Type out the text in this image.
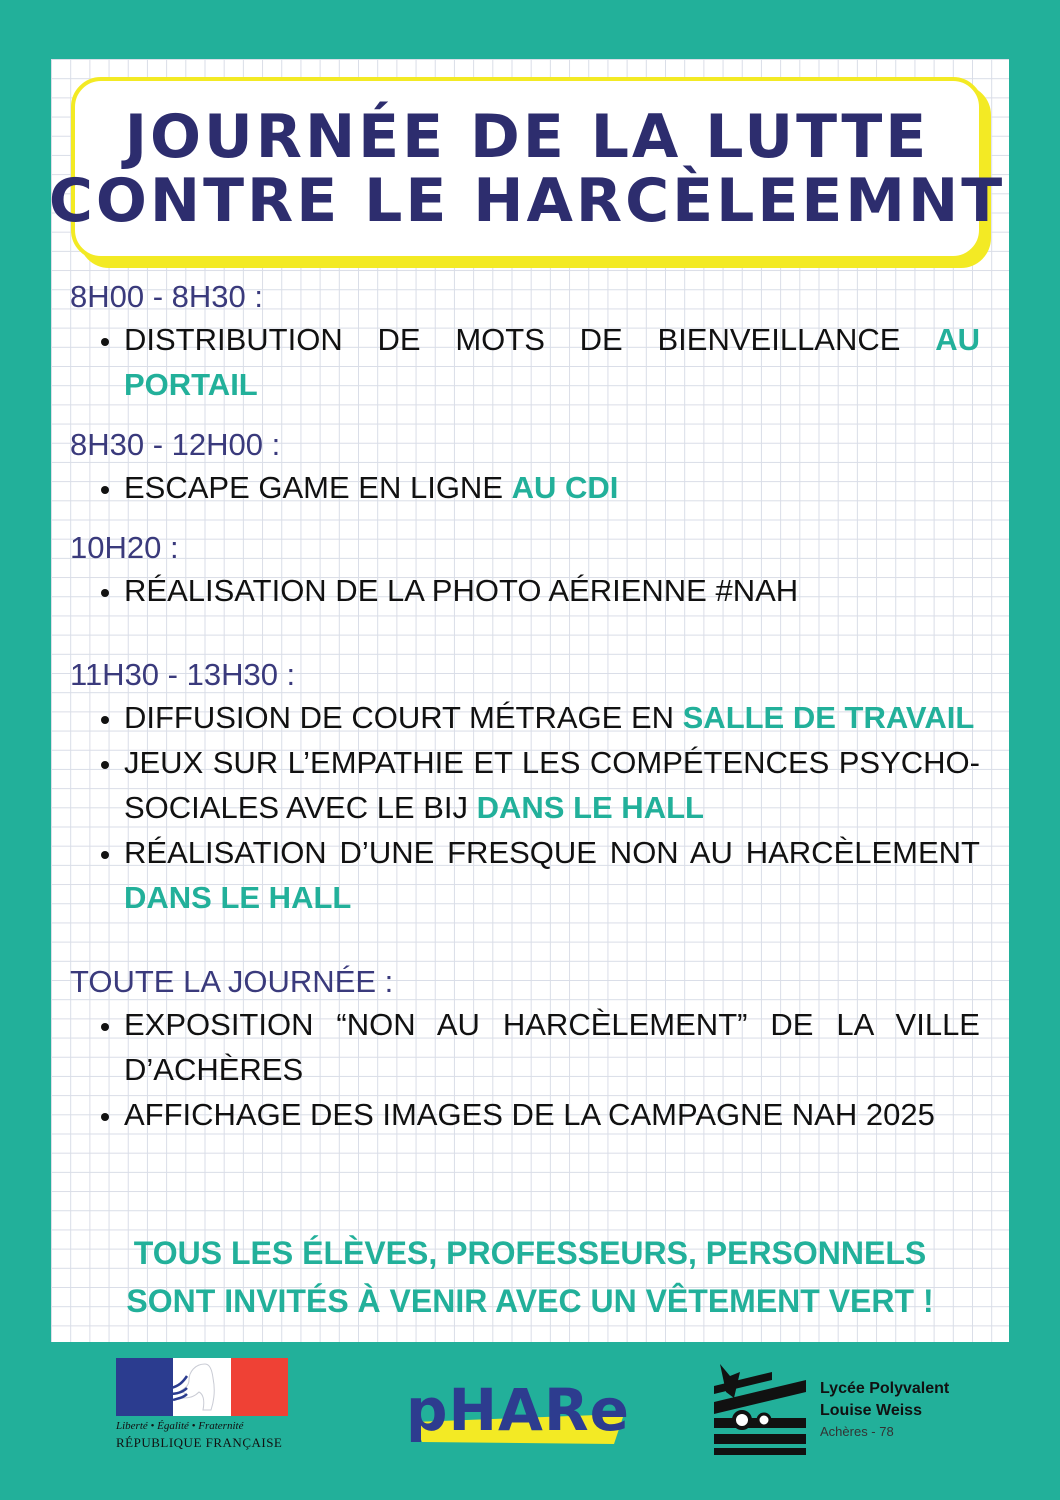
JOURNÉE DE LA LUTTE
CONTRE LE HARCÈLEEMNT
8H00 - 8H30 :
• DISTRIBUTION DE MOTS DE BIENVEILLANCE AU PORTAIL
8H30 - 12H00 :
• ESCAPE GAME EN LIGNE AU CDI
10H20 :
• RÉALISATION DE LA PHOTO AÉRIENNE #NAH
11H30 - 13H30 :
• DIFFUSION DE COURT MÉTRAGE EN SALLE DE TRAVAIL
• JEUX SUR L’EMPATHIE ET LES COMPÉTENCES PSYCHO-SOCIALES AVEC LE BIJ DANS LE HALL
• RÉALISATION D’UNE FRESQUE NON AU HARCÈLEMENT DANS LE HALL
TOUTE LA JOURNÉE :
• EXPOSITION “NON AU HARCÈLEMENT” DE LA VILLE D’ACHÈRES
• AFFICHAGE DES IMAGES DE LA CAMPAGNE NAH 2025
TOUS LES ÉLÈVES, PROFESSEURS, PERSONNELS
SONT INVITÉS À VENIR AVEC UN VÊTEMENT VERT !
Liberté • Égalité • Fraternité
RÉPUBLIQUE FRANÇAISE pHARe	Lycée Polyvalent
Louise Weiss
Achères - 78
